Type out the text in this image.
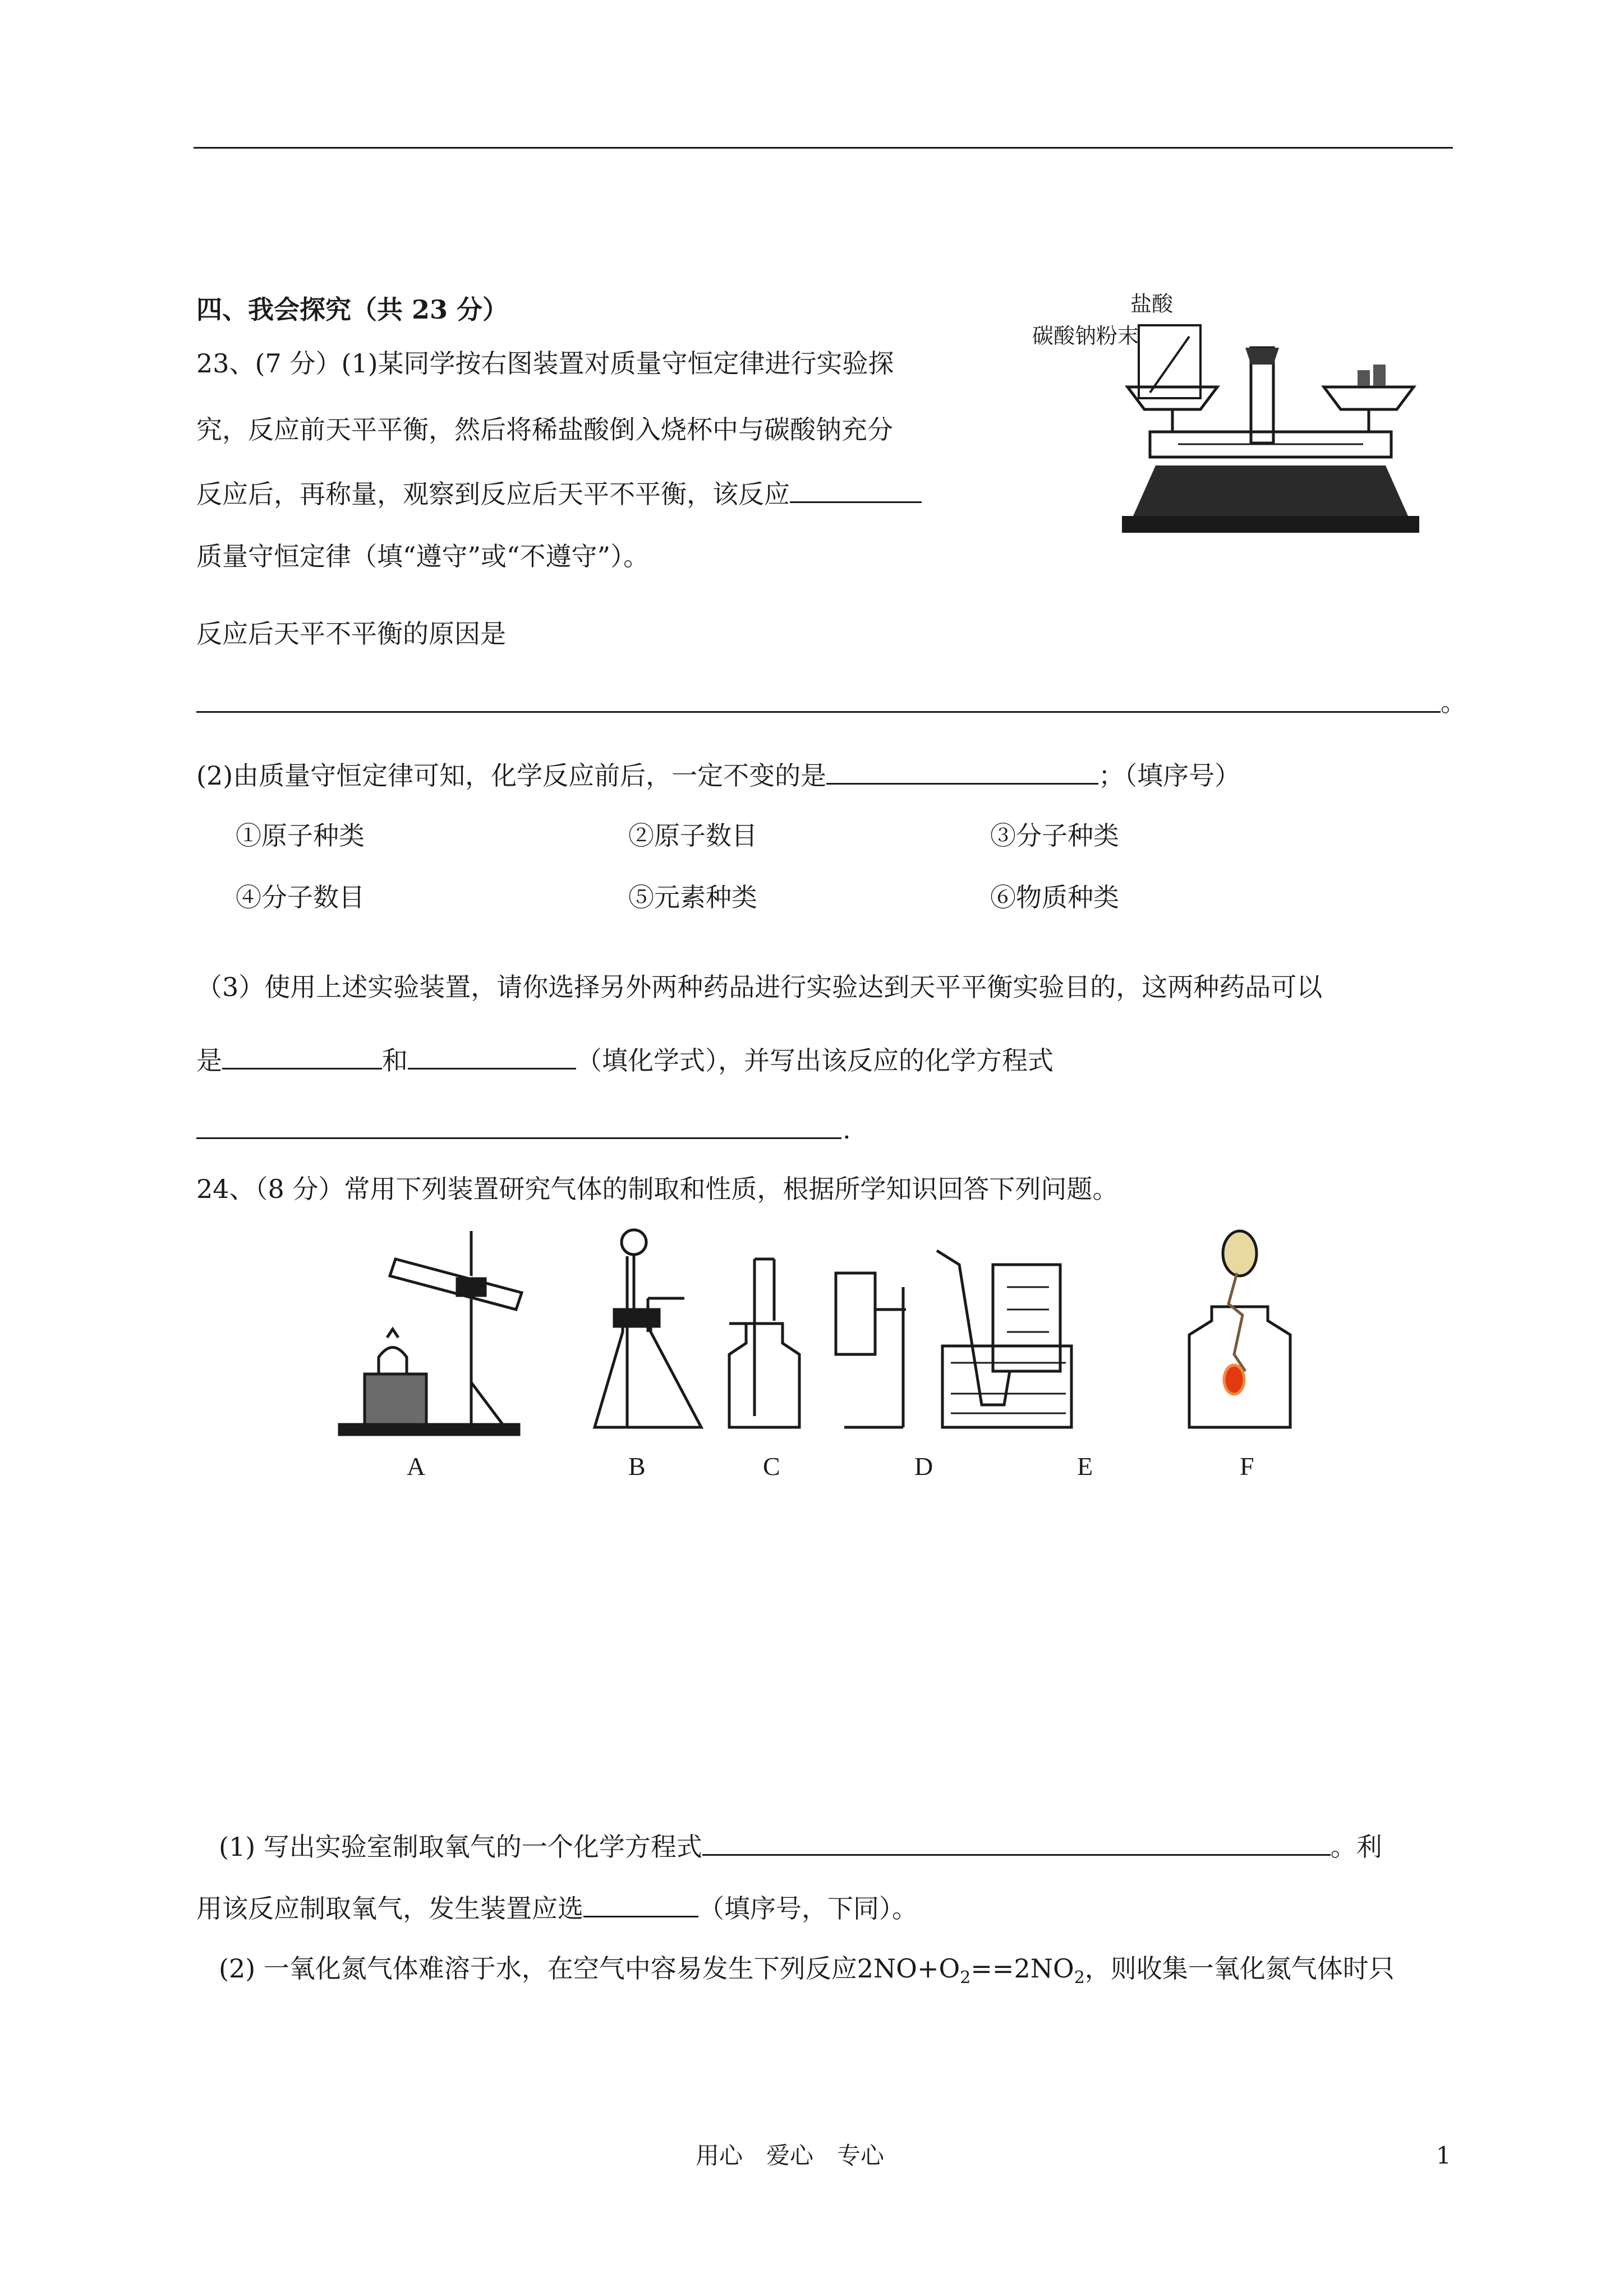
四、我会探究（共 23 分）
23、(7 分）(1)某同学按右图装置对质量守恒定律进行实验探
究，反应前天平平衡，然后将稀盐酸倒入烧杯中与碳酸钠充分
反应后，再称量，观察到反应后天平不平衡，该反应
质量守恒定律（填“遵守”或“不遵守”）。
反应后天平不平衡的原因是
。
盐酸
碳酸钠粉末
(2)由质量守恒定律可知，化学反应前后，一定不变的是	；（填序号）
①原子种类	②原子数目	③分子种类
④分子数目	⑤元素种类	⑥物质种类
（3）使用上述实验装置，请你选择另外两种药品进行实验达到天平平衡实验目的，这两种药品可以
是	和	（填化学式），并写出该反应的化学方程式
.
24、（8 分）常用下列装置研究气体的制取和性质，根据所学知识回答下列问题。
A	B	C	D	E	F
(1) 写出实验室制取氧气的一个化学方程式	。利
用该反应制取氧气，发生装置应选	（填序号，下同）。
(2) 一氧化氮气体难溶于水，在空气中容易发生下列反应$2NO+O_2==2NO_2$，则收集一氧化氮气体时只
用心　爱心　专心	1
